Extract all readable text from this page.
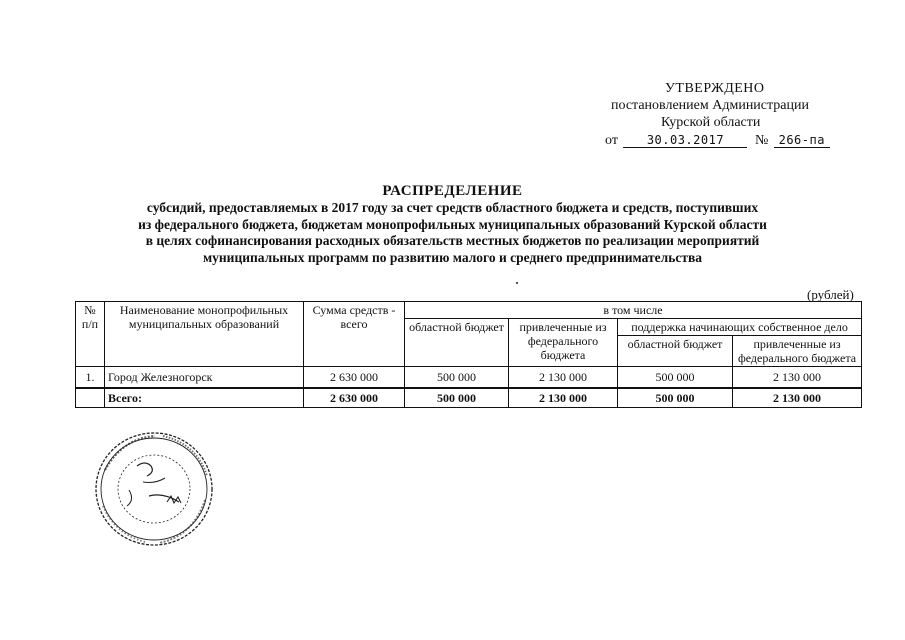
УТВЕРЖДЕНО
постановлением Администрации
Курской области
от 30.03.2017 № 266-па
РАСПРЕДЕЛЕНИЕ
субсидий, предоставляемых в 2017 году за счет средств областного бюджета и средств, поступивших
из федерального бюджета, бюджетам монопрофильных муниципальных образований Курской области
в целях софинансирования расходных обязательств местных бюджетов по реализации мероприятий
муниципальных программ по развитию малого и среднего предпринимательства
(рублей)
№ п/п	Наименование монопрофильных муниципальных образований	Сумма средств - всего	в том числе			
			областной бюджет	привлеченные из федерального бюджета	поддержка начинающих собственное дело	
					областной бюджет	привлеченные из федерального бюджета
1.	Город Железногорск	2 630 000	500 000	2 130 000	500 000	2 130 000
	Всего:	2 630 000	500 000	2 130 000	500 000	2 130 000
